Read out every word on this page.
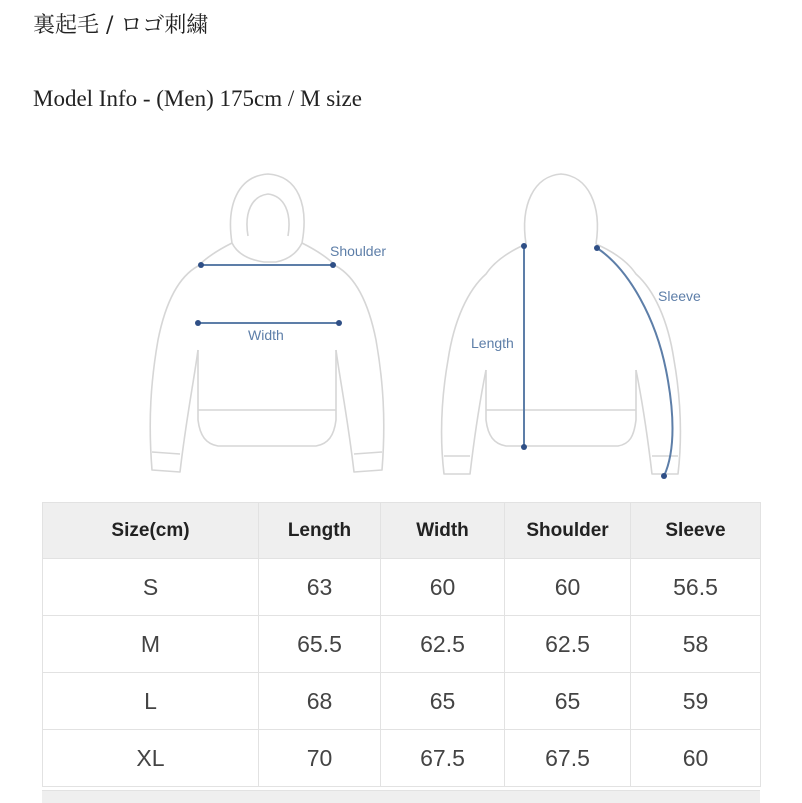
裏起毛 / ロゴ刺繍
Model Info - (Men) 175cm / M size
Shoulder
Width	Length
Sleeve
Size(cm)	Length	Width	Shoulder	Sleeve
S	63	60	60	56.5
M	65.5	62.5	62.5	58
L	68	65	65	59
XL	70	67.5	67.5	60
